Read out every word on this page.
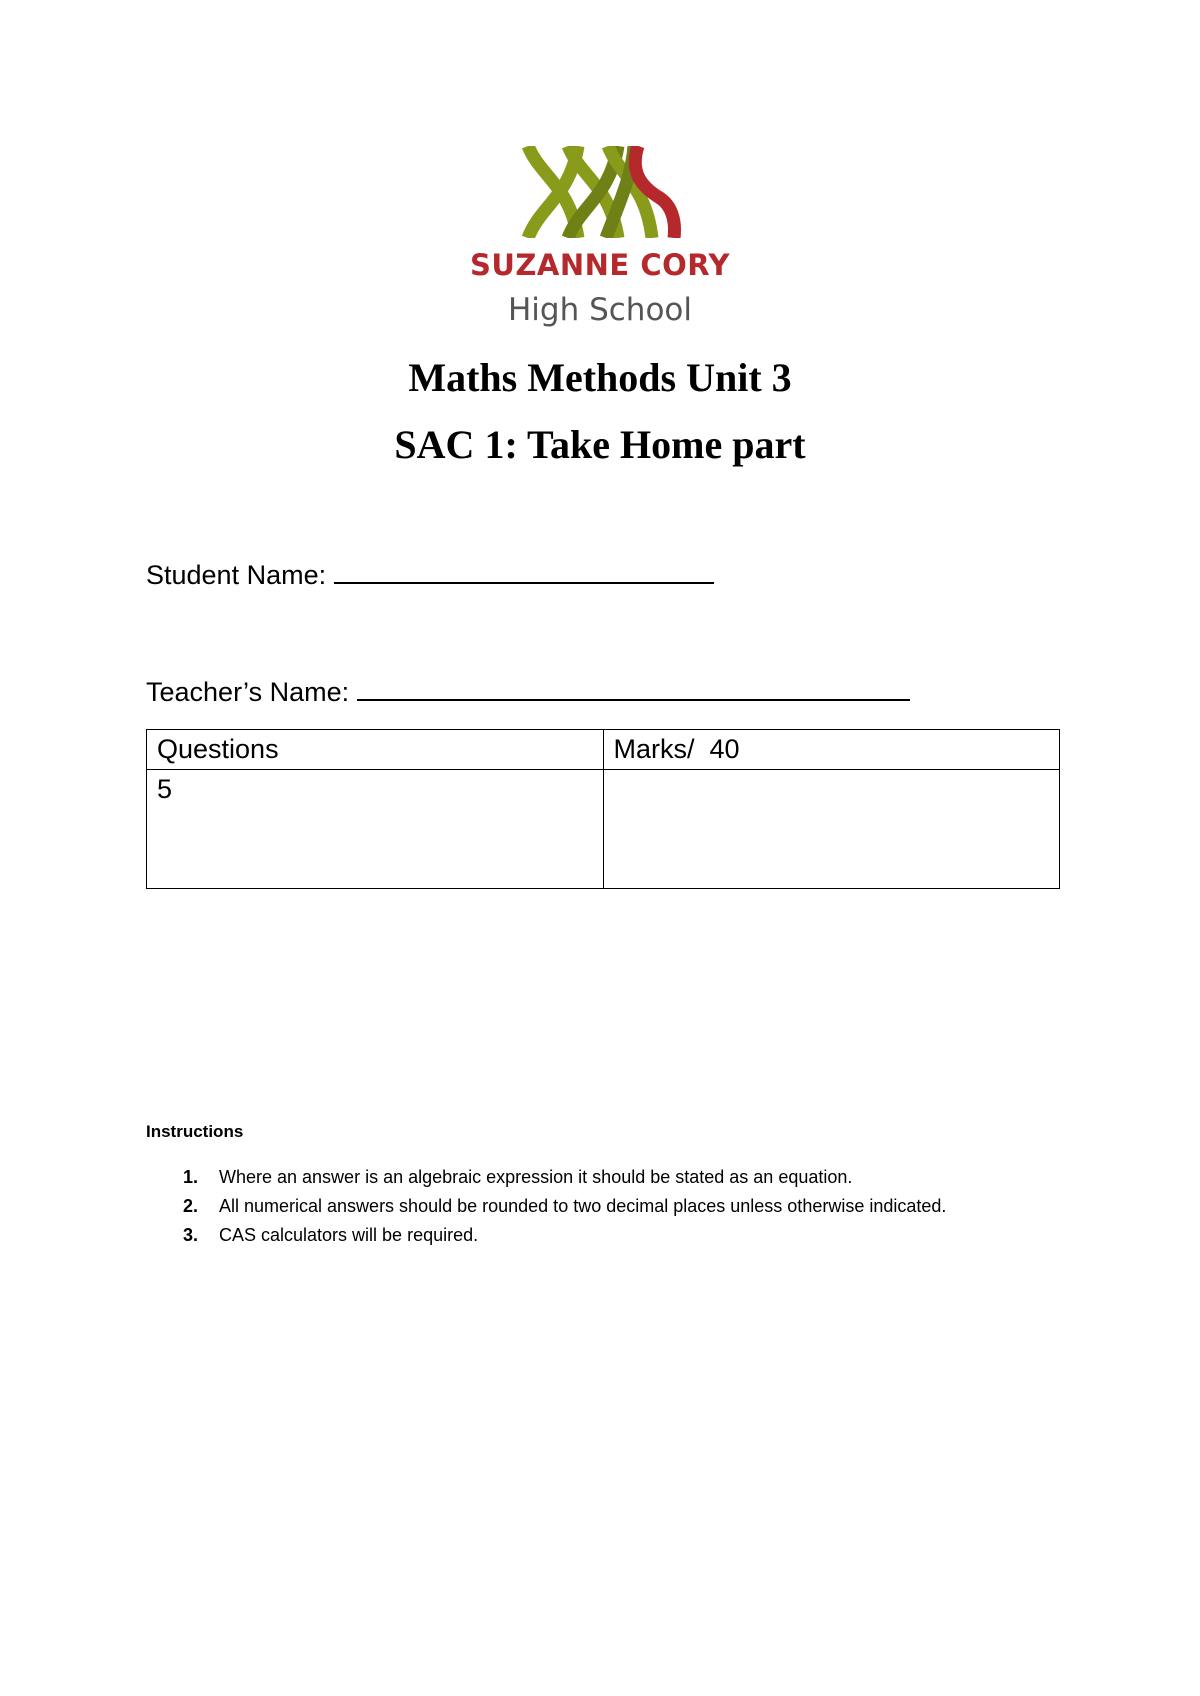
SUZANNE CORY
High School
Maths Methods Unit 3
SAC 1: Take Home part
Student Name:
Teacher’s Name:
Questions	Marks/  40
5	
Instructions
1.	Where an answer is an algebraic expression it should be stated as an equation.
2.	All numerical answers should be rounded to two decimal places unless otherwise indicated.
3.	CAS calculators will be required.
